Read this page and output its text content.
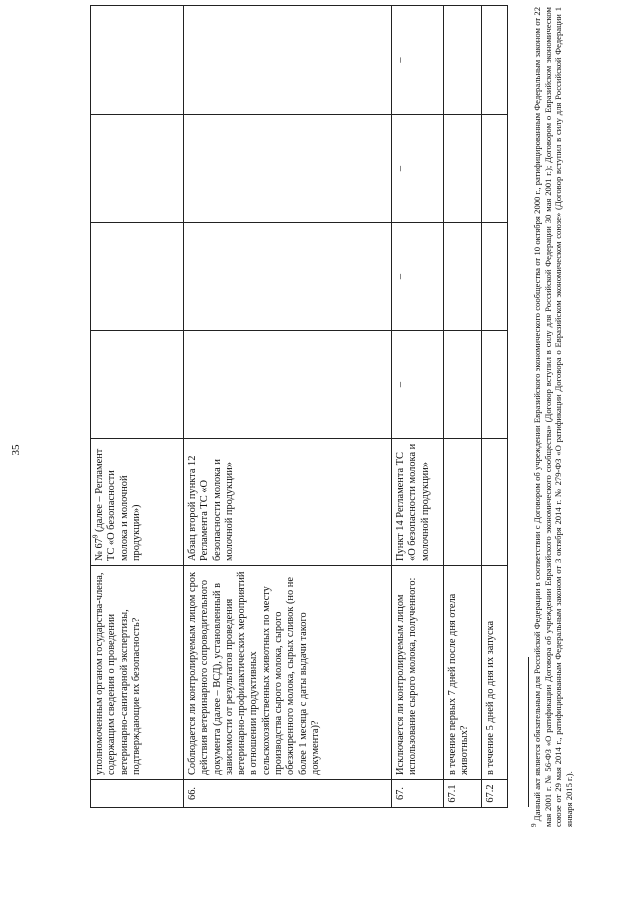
35
	уполномоченным органом государства-члена, содержащим сведения о проведении ветеринарно-санитарной экспертизы, подтверждающие их безопасность?	№ $67^9$ (далее – Регламент ТС «О безопасности молока и молочной продукции»)				
66.	Соблюдается ли контролируемым лицом срок действия ветеринарного сопроводительного документа (далее – ВСД), установленный в зависимости от результатов проведения ветеринарно-профилактических мероприятий в отношении продуктивных сельскохозяйственных животных по месту производства сырого молока, сырого обезжиренного молока, сырых сливок (но не более 1 месяца с даты выдачи такого документа)?	Абзац второй пункта 12 Регламента ТС «О безопасности молока и молочной продукции»				
67.	Исключается ли контролируемым лицом использование сырого молока, полученного:	Пункт 14 Регламента ТС «О безопасности молока и молочной продукции»	–	–	–	–
67.1	в течение первых 7 дней после дня отела животных?					
67.2	в течение 5 дней до дня их запуска					
$^9$ Данный акт является обязательным для Российской Федерации в соответствии с Договором об учреждении Евразийского экономического сообщества от 10 октября 2000 г., ратифицированным Федеральным законом от 22 мая 2001 г. № 56-ФЗ «О ратификации Договора об учреждении Евразийского экономического сообщества» (Договор вступил в силу для Российской Федерации 30 мая 2001 г.); Договором о Евразийском экономическом союзе от 29 мая 2014 г., ратифицированным Федеральным законом от 3 октября 2014 г. № 279-ФЗ «О ратификации Договора о Евразийском экономическом союзе» (Договор вступил в силу для Российской Федерации 1 января 2015 г.).
